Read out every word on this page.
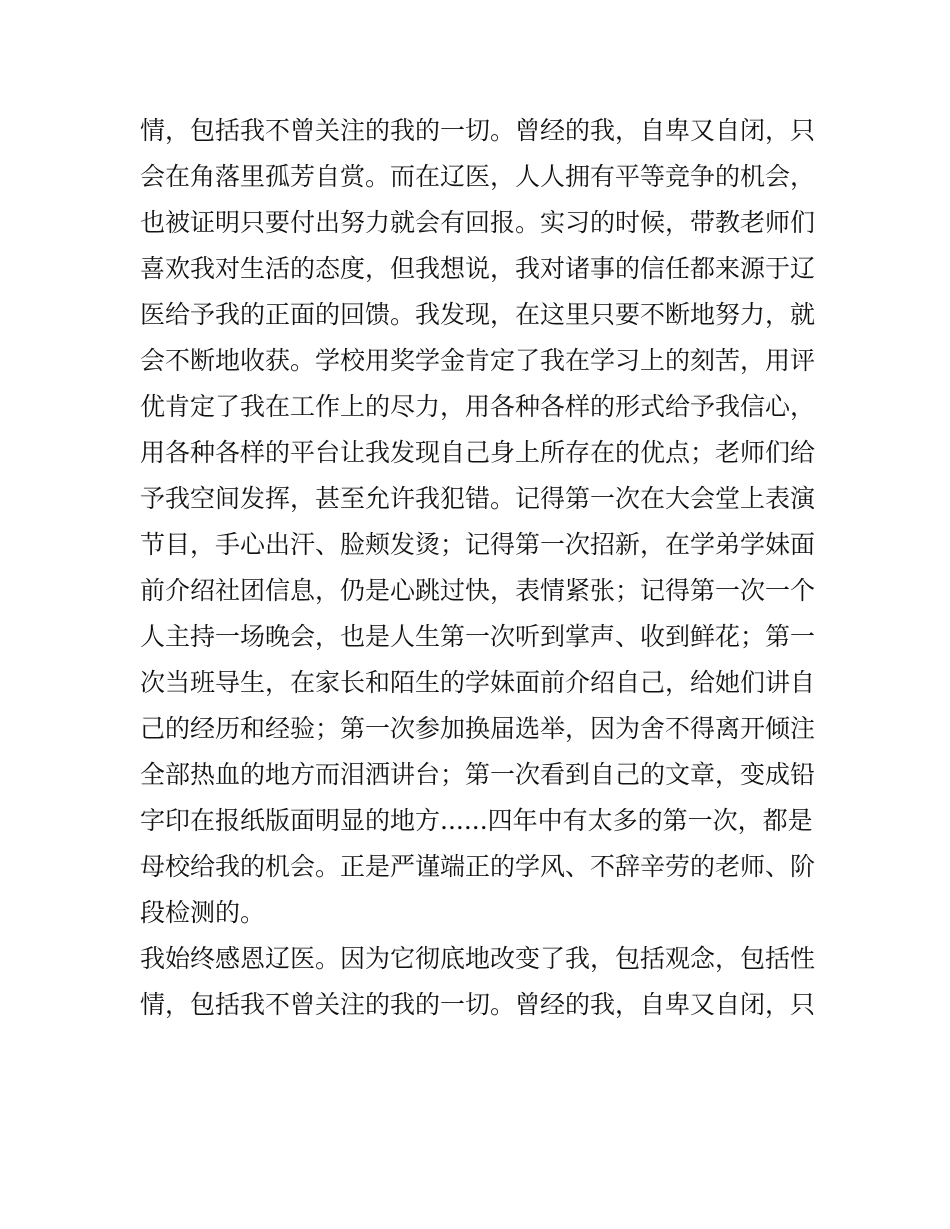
情，包括我不曾关注的我的一切。曾经的我，自卑又自闭，只
会在角落里孤芳自赏。而在辽医，人人拥有平等竞争的机会，
也被证明只要付出努力就会有回报。实习的时候，带教老师们
喜欢我对生活的态度，但我想说，我对诸事的信任都来源于辽
医给予我的正面的回馈。我发现，在这里只要不断地努力，就
会不断地收获。学校用奖学金肯定了我在学习上的刻苦，用评
优肯定了我在工作上的尽力，用各种各样的形式给予我信心，
用各种各样的平台让我发现自己身上所存在的优点；老师们给
予我空间发挥，甚至允许我犯错。记得第一次在大会堂上表演
节目，手心出汗、脸颊发烫；记得第一次招新，在学弟学妹面
前介绍社团信息，仍是心跳过快，表情紧张；记得第一次一个
人主持一场晚会，也是人生第一次听到掌声、收到鲜花；第一
次当班导生，在家长和陌生的学妹面前介绍自己，给她们讲自
己的经历和经验；第一次参加换届选举，因为舍不得离开倾注
全部热血的地方而泪洒讲台；第一次看到自己的文章，变成铅
字印在报纸版面明显的地方......四年中有太多的第一次，都是
母校给我的机会。正是严谨端正的学风、不辞辛劳的老师、阶
段检测的。
我始终感恩辽医。因为它彻底地改变了我，包括观念，包括性
情，包括我不曾关注的我的一切。曾经的我，自卑又自闭，只
